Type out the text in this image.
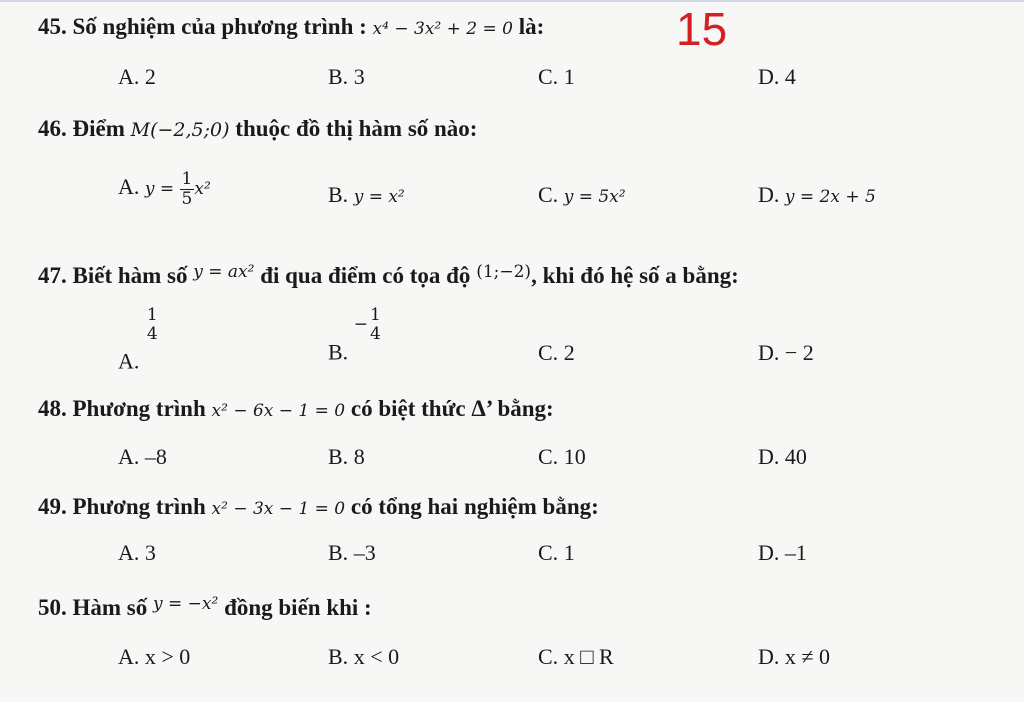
45. Số nghiệm của phương trình : x⁴ − 3x² + 2 = 0 là:	15
A. 2	B. 3	C. 1	D. 4
46. Điểm M(−2,5;0) thuộc đồ thị hàm số nào:
A. $y = \frac{1}{5} x^2$	B. y = x²	C. y = 5x²	D. y = 2x + 5
47. Biết hàm số $^{y = ax^2}$ đi qua điểm có tọa độ $^{(1;-2)}$, khi đó hệ số a bằng:
A.
1
4
B. − 1
4
C. 2	D. − 2
48. Phương trình x² − 6x − 1 = 0 có biệt thức Δ’ bằng:
A. –8	B. 8	C. 10	D. 40
49. Phương trình x² − 3x − 1 = 0 có tổng hai nghiệm bằng:
A. 3	B. –3	C. 1	D. –1
50. Hàm số $^{y = -x^2}$ đồng biến khi :
A. x > 0	B. x < 0	C. x □ R	D. x ≠ 0
